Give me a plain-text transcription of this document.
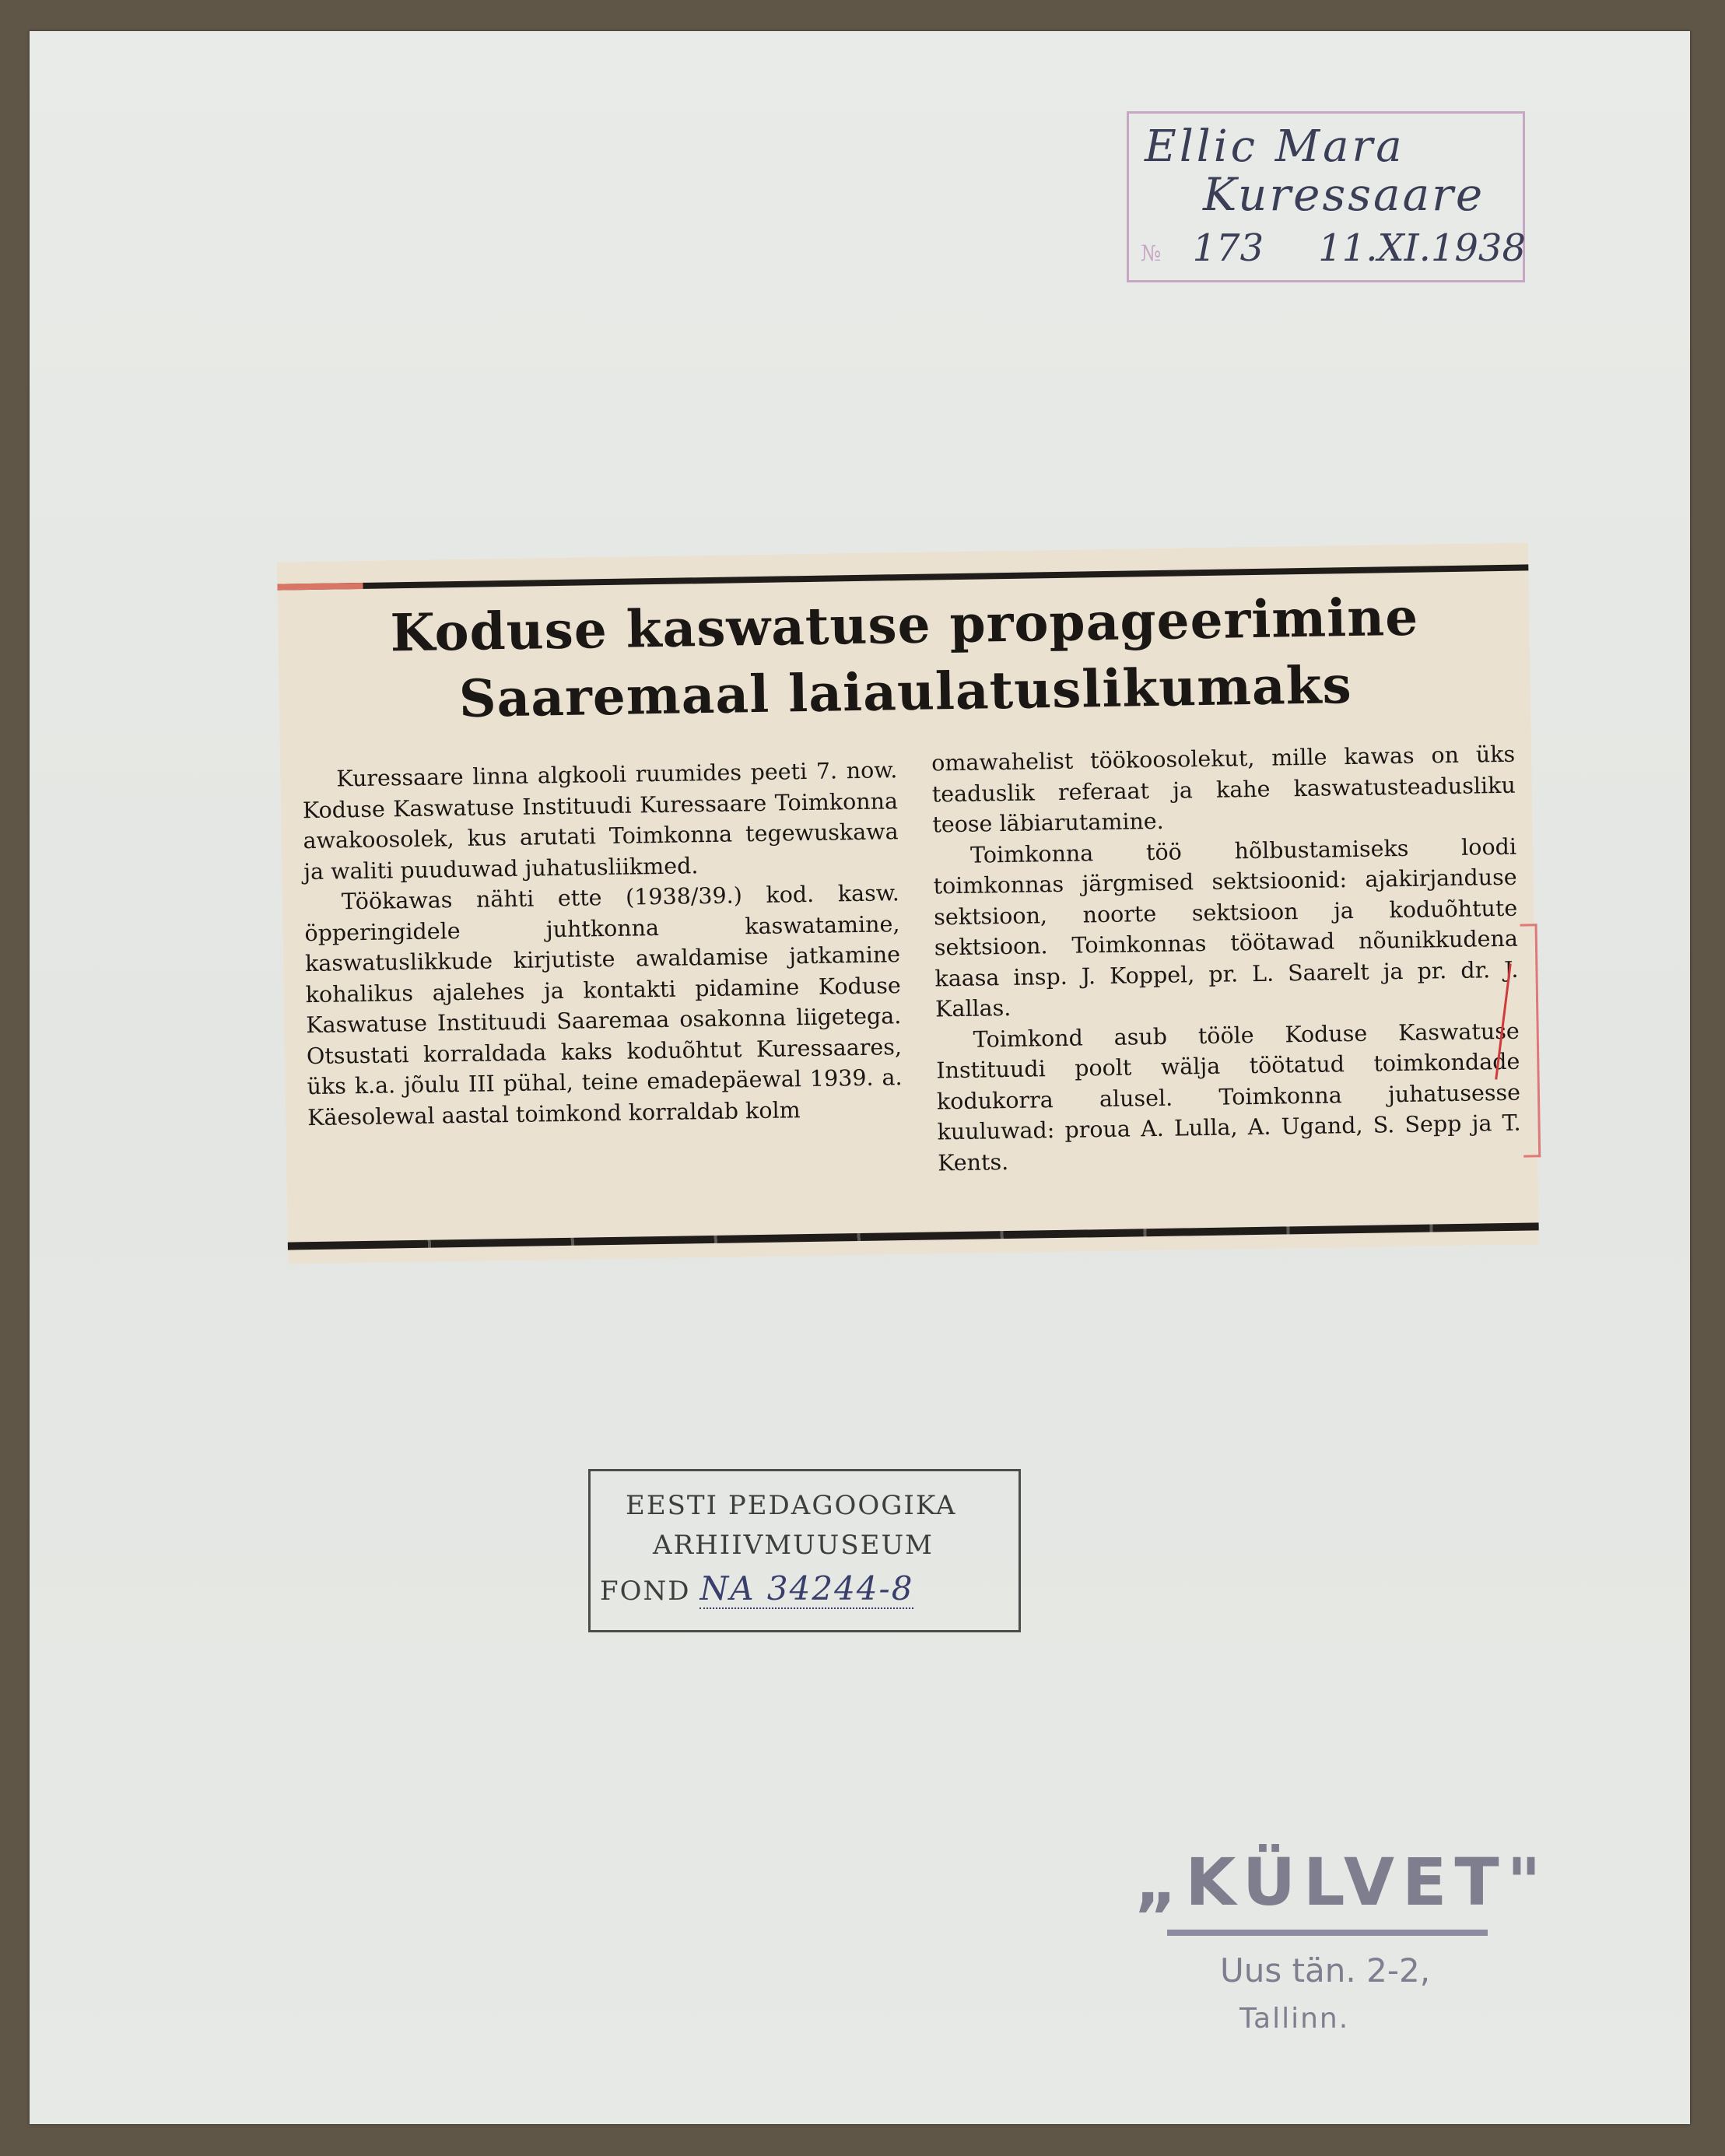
Ellic Mara
Kuressaare
№ 173 11.XI.1938
Koduse kaswatuse propageerimine Saaremaal laiaulatuslikumaks

Kuressaare linna algkooli ruumides peeti 7. now. Koduse Kaswatuse Instituudi Kuressaare Toimkonna awakoosolek, kus arutati Toimkonna tegewuskawa ja waliti puuduwad juhatusliikmed.

Töökawas nähti ette (1938/39.) kod. kasw. öpperingidele juhtkonna kaswatamine, kaswatuslikkude kirjutiste awaldamise jatkamine kohalikus ajalehes ja kontakti pidamine Koduse Kaswatuse Instituudi Saaremaa osakonna liigetega. Otsustati korraldada kaks koduõhtut Kuressaares, üks k.a. jõulu III pühal, teine emadepäewal 1939. a. Käesolewal aastal toimkond korraldab kolm

omawahelist töökoosolekut, mille kawas on üks teaduslik referaat ja kahe kaswatusteadusliku teose läbiarutamine.

Toimkonna töö hõlbustamiseks loodi toimkonnas järgmised sektsioonid: ajakirjanduse sektsioon, noorte sektsioon ja koduõhtute sektsioon. Toimkonnas töötawad nõunikkudena kaasa insp. J. Koppel, pr. L. Saarelt ja pr. dr. J. Kallas.

Toimkond asub tööle Koduse Kaswatuse Instituudi poolt wälja töötatud toimkondade kodukorra alusel. Toimkonna juhatusesse kuuluwad: proua A. Lulla, A. Ugand, S. Sepp ja T. Kents.

EESTI PEDAGOOGIKA
ARHIIVMUUSEUM
FOND NA 34244-8
„KÜLVET"
Uus tän. 2-2,
Tallinn.
